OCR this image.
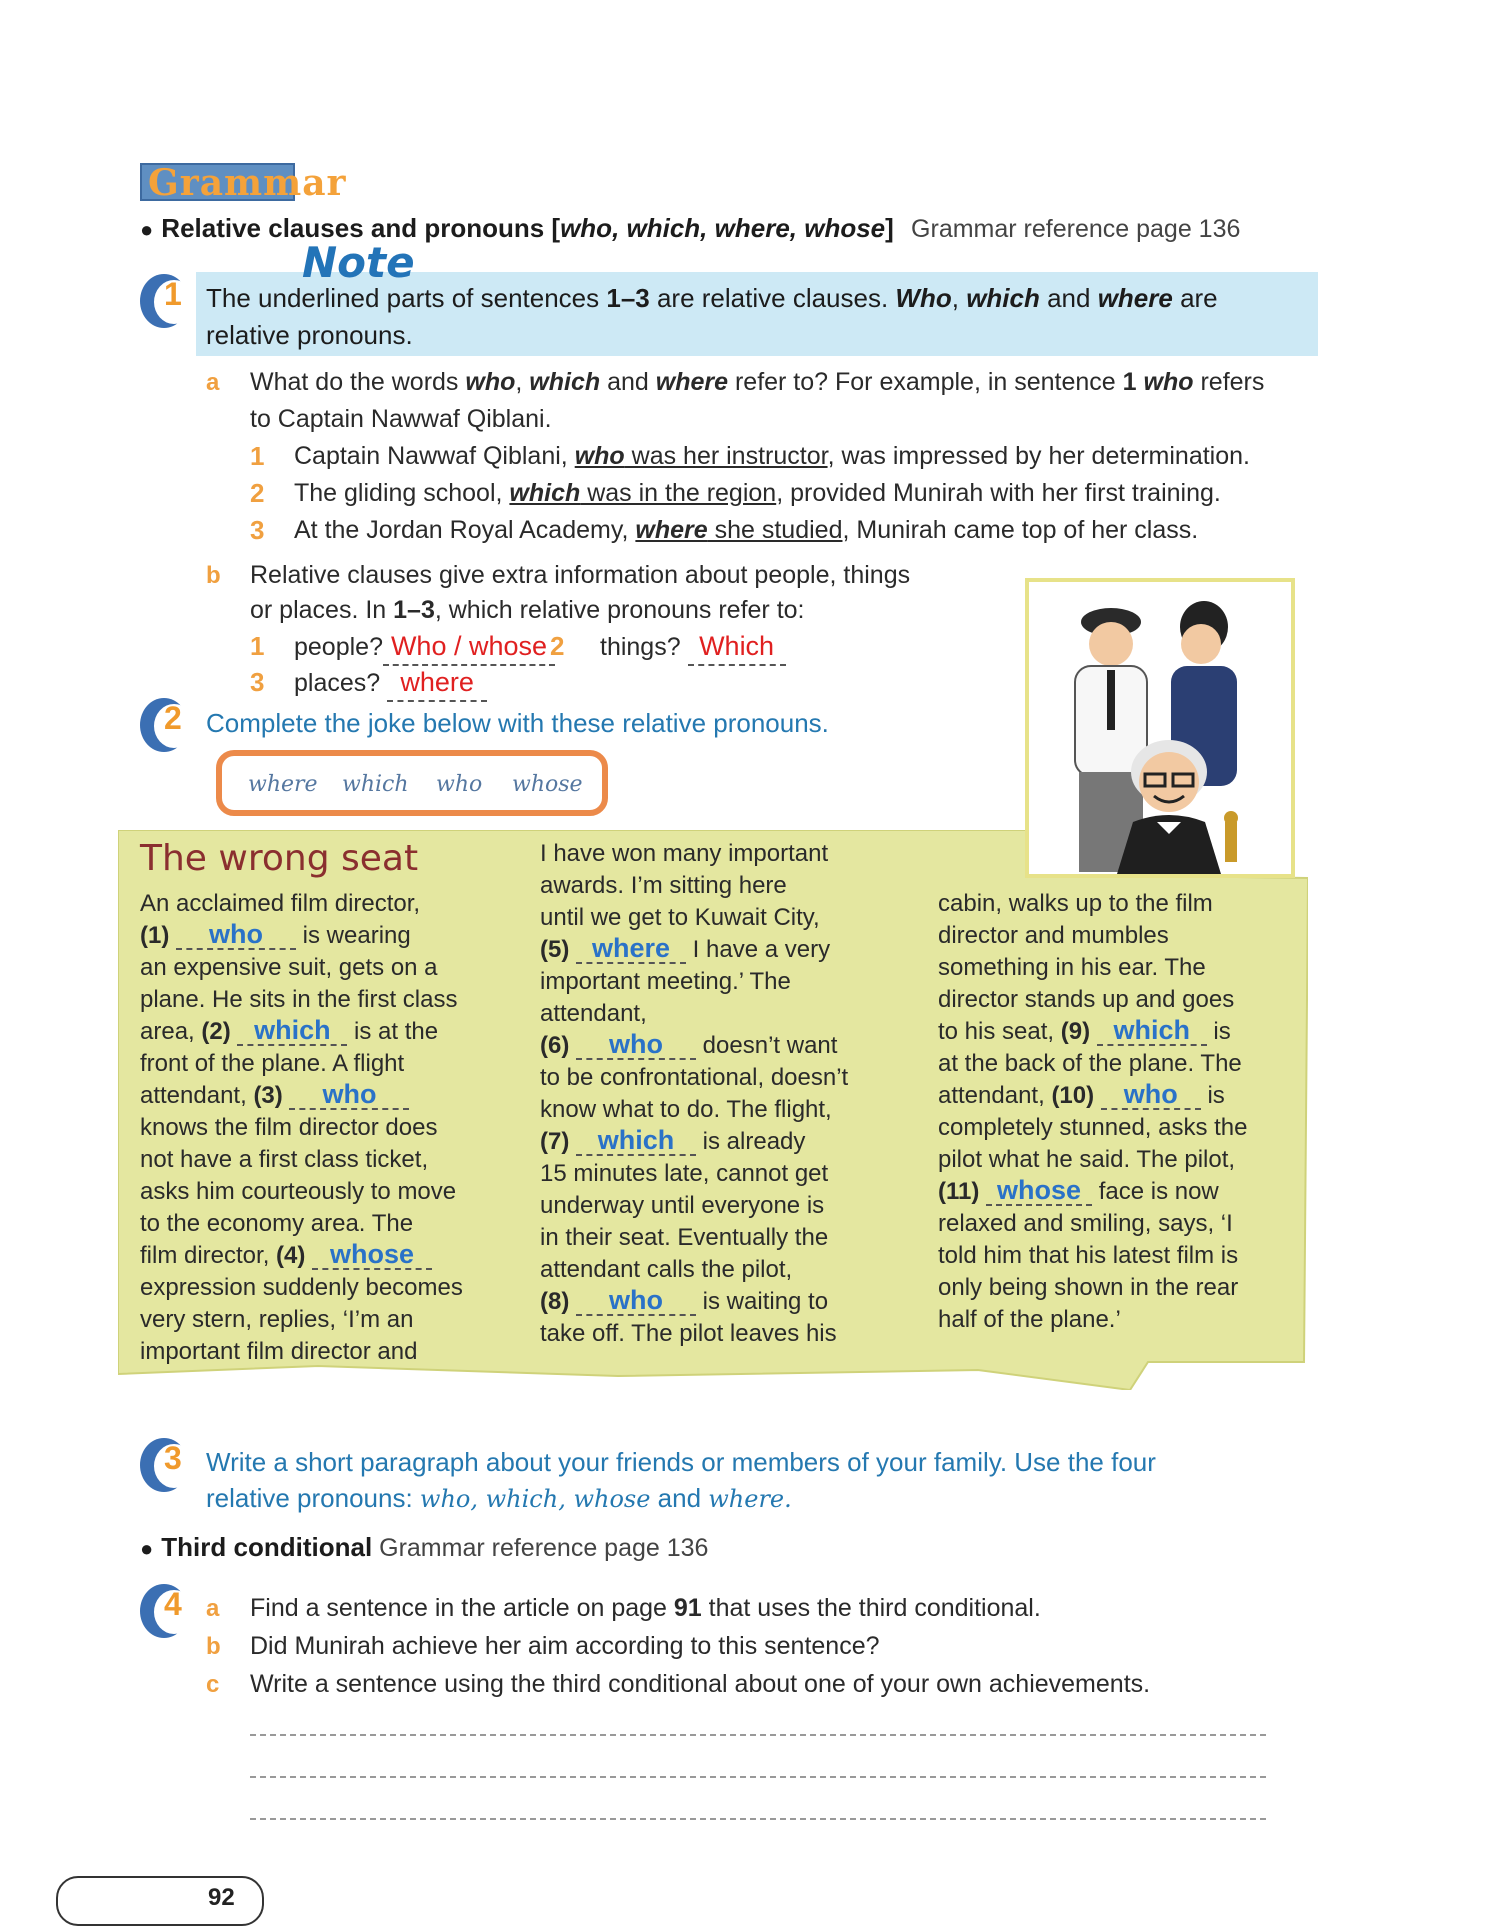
Grammar
● Relative clauses and pronouns [who, which, where, whose] Grammar reference page 136
Note
1 The underlined parts of sentences 1–3 are relative clauses. Who, which and where are
relative pronouns.
a What do the words who, which and where refer to? For example, in sentence 1 who refers
to Captain Nawwaf Qiblani.
1 Captain Nawwaf Qiblani, who was her instructor, was impressed by her determination.
2 The gliding school, which was in the region, provided Munirah with her first training.
3 At the Jordan Royal Academy, where she studied, Munirah came top of her class.
b Relative clauses give extra information about people, things
or places. In 1–3, which relative pronouns refer to:
1 people? Who / whose 2 things? Which
3 places? where
2 Complete the joke below with these relative pronouns.
where which who whose
The wrong seat
An acclaimed film director,
(1) who is wearing
an expensive suit, gets on a
plane. He sits in the first class
area, (2) which is at the
front of the plane. A flight
attendant, (3) who
knows the film director does
not have a first class ticket,
asks him courteously to move
to the economy area. The
film director, (4) whose
expression suddenly becomes
very stern, replies, ‘I’m an
important film director and
I have won many important
awards. I’m sitting here
until we get to Kuwait City,
(5) where I have a very
important meeting.’ The
attendant,
(6) who doesn’t want
to be confrontational, doesn’t
know what to do. The flight,
(7) which is already
15 minutes late, cannot get
underway until everyone is
in their seat. Eventually the
attendant calls the pilot,
(8) who is waiting to
take off. The pilot leaves his
cabin, walks up to the film
director and mumbles
something in his ear. The
director stands up and goes
to his seat, (9) which is
at the back of the plane. The
attendant, (10) who is
completely stunned, asks the
pilot what he said. The pilot,
(11) whose face is now
relaxed and smiling, says, ‘I
told him that his latest film is
only being shown in the rear
half of the plane.’
3 Write a short paragraph about your friends or members of your family. Use the four
relative pronouns: who, which, whose and where.
● Third conditional Grammar reference page 136
4 a Find a sentence in the article on page 91 that uses the third conditional.
b Did Munirah achieve her aim according to this sentence?
c Write a sentence using the third conditional about one of your own achievements.
92
